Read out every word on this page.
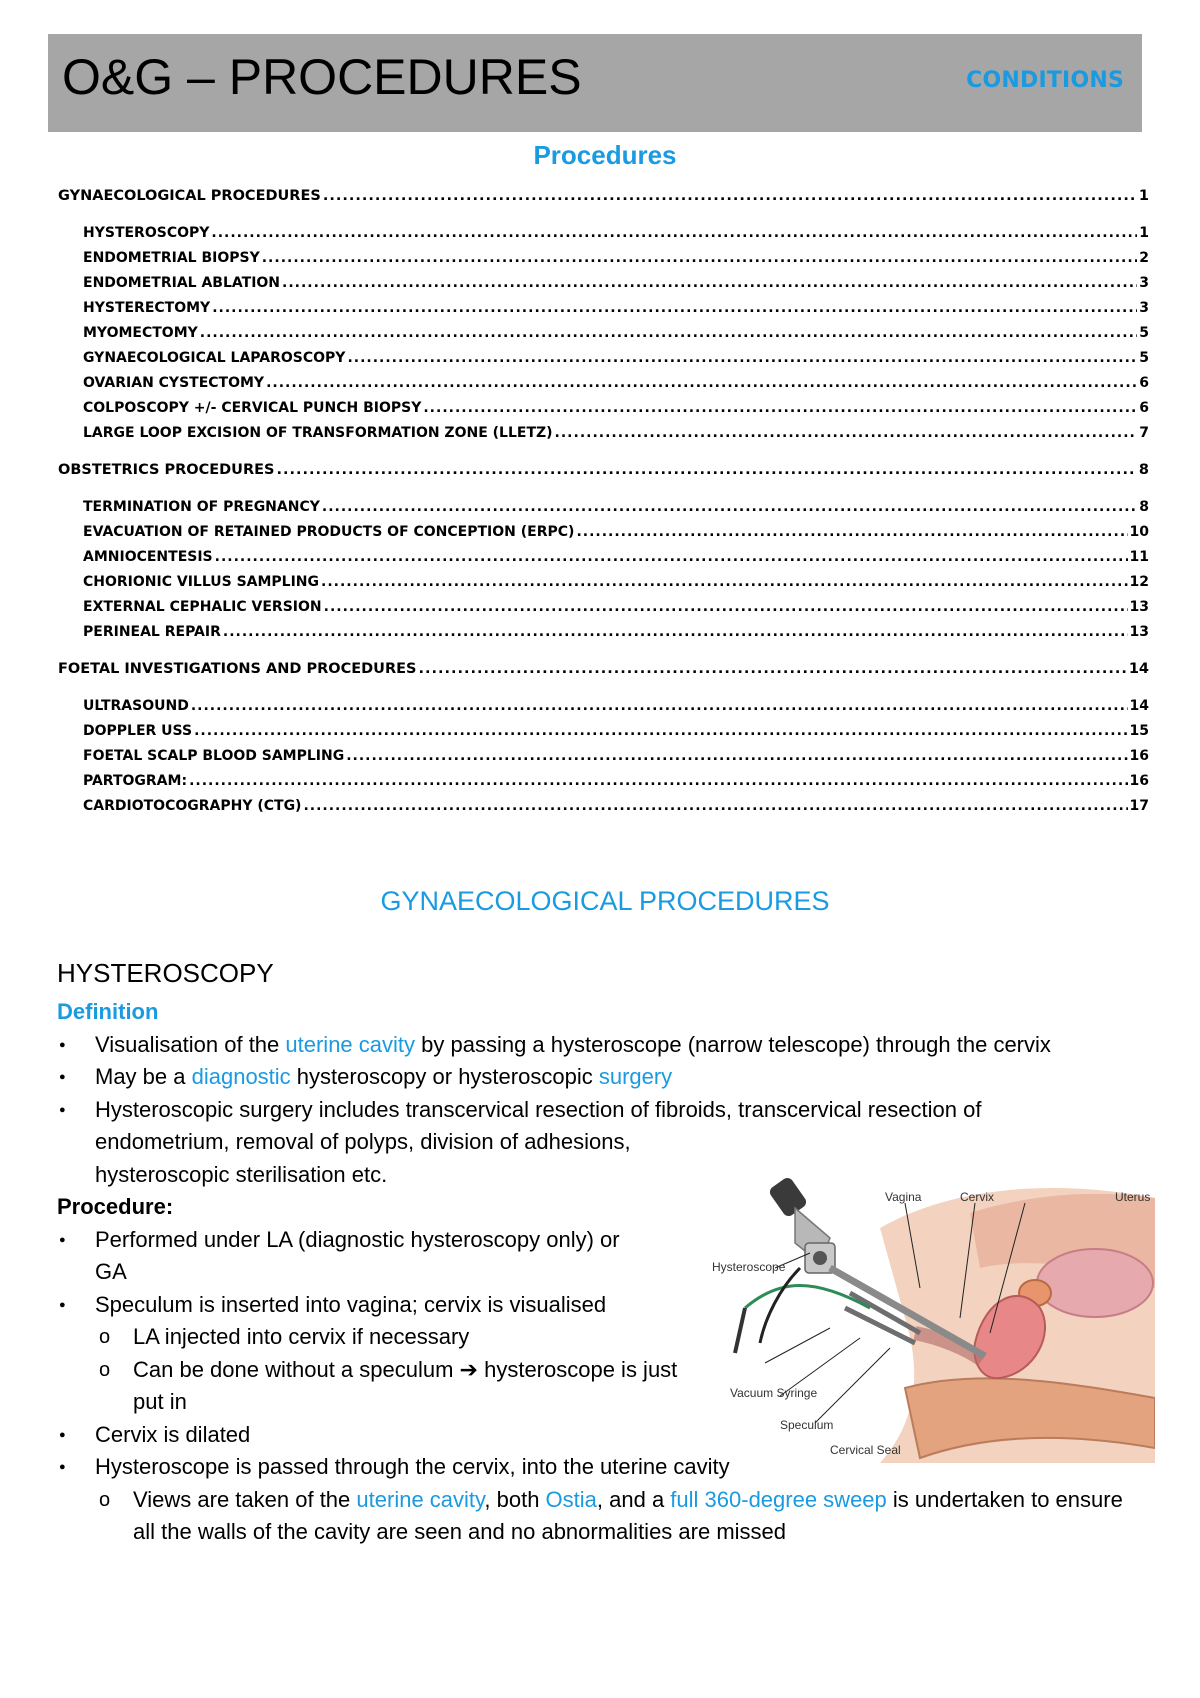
O&G – PROCEDURES	CONDITIONS
Procedures
GYNAECOLOGICAL PROCEDURES .....	1
HYSTEROSCOPY .....	1
ENDOMETRIAL BIOPSY .....	2
ENDOMETRIAL ABLATION .....	3
HYSTERECTOMY .....	3
MYOMECTOMY .....	5
GYNAECOLOGICAL LAPAROSCOPY .....	5
OVARIAN CYSTECTOMY .....	6
COLPOSCOPY +/- CERVICAL PUNCH BIOPSY .....	6
LARGE LOOP EXCISION OF TRANSFORMATION ZONE (LLETZ) .....	7
OBSTETRICS PROCEDURES .....	8
TERMINATION OF PREGNANCY .....	8
EVACUATION OF RETAINED PRODUCTS OF CONCEPTION (ERPC) .....	10
AMNIOCENTESIS .....	11
CHORIONIC VILLUS SAMPLING .....	12
EXTERNAL CEPHALIC VERSION .....	13
PERINEAL REPAIR .....	13
FOETAL INVESTIGATIONS AND PROCEDURES .....	14
ULTRASOUND .....	14
DOPPLER USS .....	15
FOETAL SCALP BLOOD SAMPLING .....	16
PARTOGRAM: .....	16
CARDIOTOCOGRAPHY (CTG) .....	17
GYNAECOLOGICAL PROCEDURES
HYSTEROSCOPY
Definition
● Visualisation of the uterine cavity by passing a hysteroscope (narrow telescope) through the cervix
● May be a diagnostic hysteroscopy or hysteroscopic surgery
● Hysteroscopic surgery includes transcervical resection of fibroids, transcervical resection of
endometrium, removal of polyps, division of adhesions,
hysteroscopic sterilisation etc.
Procedure:
● Performed under LA (diagnostic hysteroscopy only) or GA
● Speculum is inserted into vagina; cervix is visualised
o LA injected into cervix if necessary
o Can be done without a speculum ➔ hysteroscope is just put in
● Cervix is dilated
● Hysteroscope is passed through the cervix, into the uterine cavity
o Views are taken of the uterine cavity, both Ostia, and a full 360-degree sweep is undertaken to ensure all the walls of the cavity are seen and no abnormalities are missed
Vagina	Cervix	Uterus
Hysteroscope
Vacuum Syringe
Speculum
Cervical Seal
